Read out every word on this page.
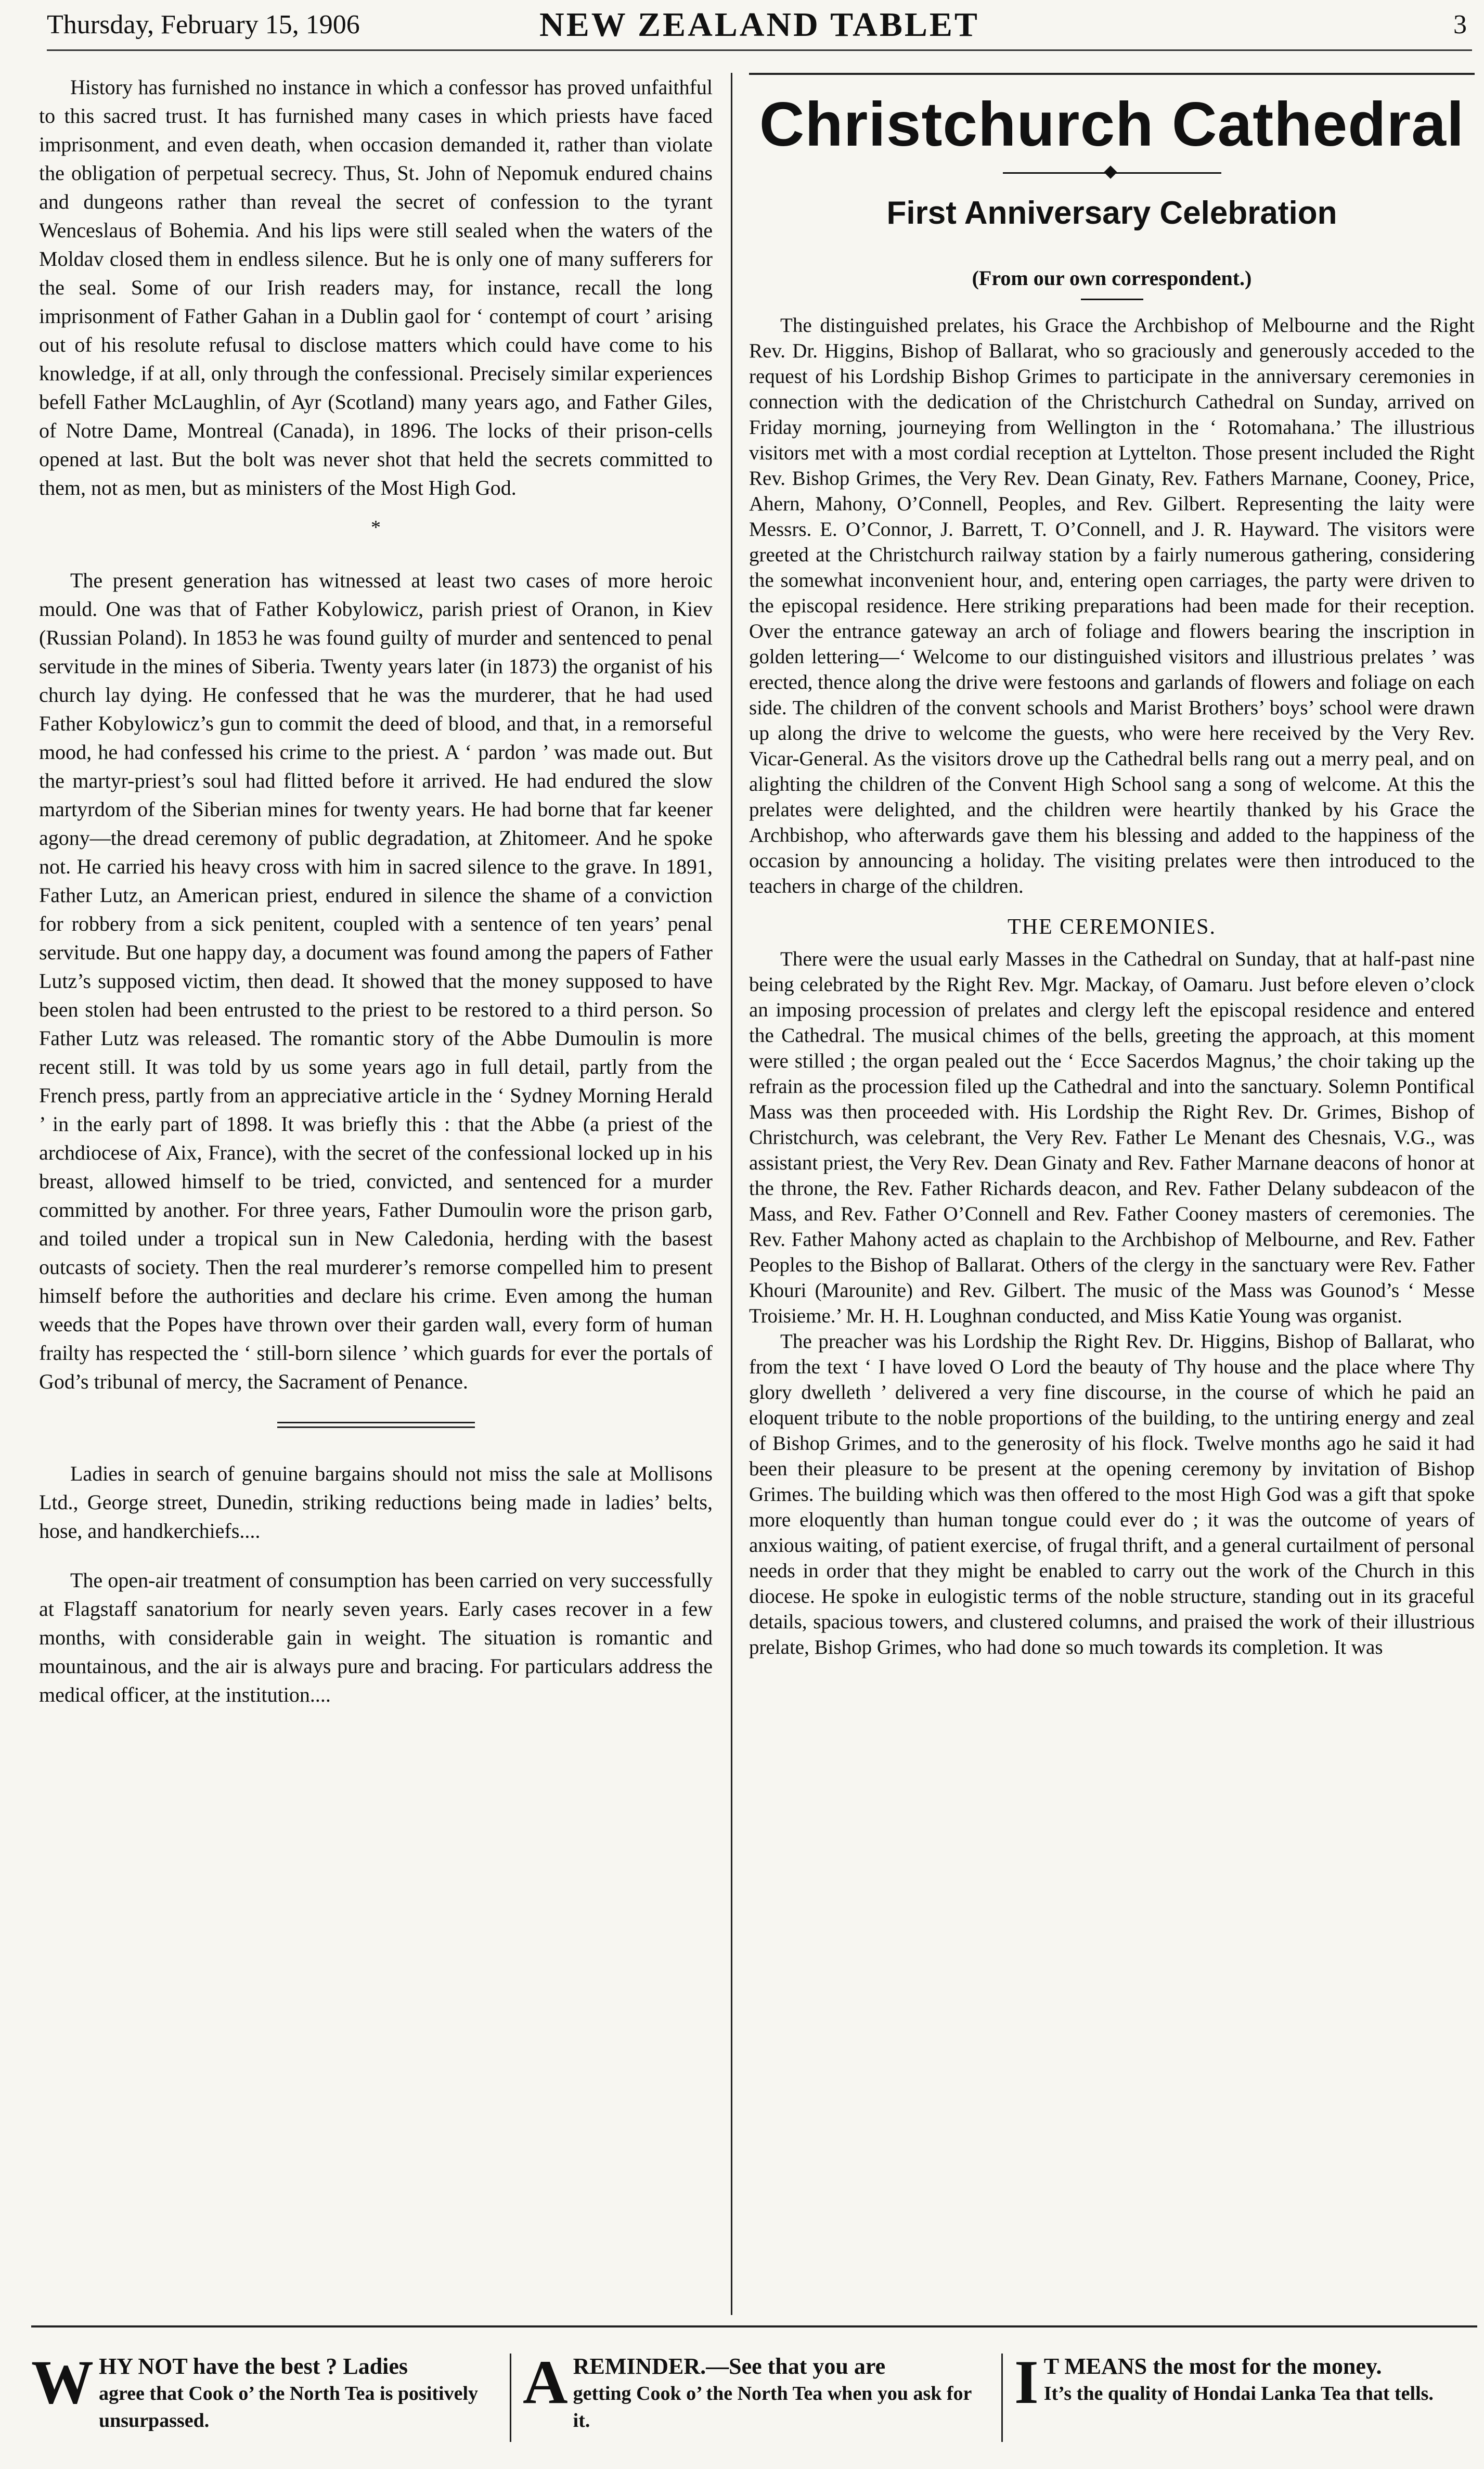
Thursday, February 15, 1906	NEW ZEALAND TABLET	3

History has furnished no instance in which a confessor has proved unfaithful to this sacred trust. It has furnished many cases in which priests have faced imprisonment, and even death, when occasion demanded it, rather than violate the obligation of perpetual secrecy. Thus, St. John of Nepomuk endured chains and dungeons rather than reveal the secret of confession to the tyrant Wenceslaus of Bohemia. And his lips were still sealed when the waters of the Moldav closed them in endless silence. But he is only one of many sufferers for the seal. Some of our Irish readers may, for instance, recall the long imprisonment of Father Gahan in a Dublin gaol for ‘ contempt of court ’ arising out of his resolute refusal to disclose matters which could have come to his knowledge, if at all, only through the confessional. Precisely similar experiences befell Father McLaughlin, of Ayr (Scotland) many years ago, and Father Giles, of Notre Dame, Montreal (Canada), in 1896. The locks of their prison-cells opened at last. But the bolt was never shot that held the secrets committed to them, not as men, but as ministers of the Most High God.

*

The present generation has witnessed at least two cases of more heroic mould. One was that of Father Kobylowicz, parish priest of Oranon, in Kiev (Russian Poland). In 1853 he was found guilty of murder and sentenced to penal servitude in the mines of Siberia. Twenty years later (in 1873) the organist of his church lay dying. He confessed that he was the murderer, that he had used Father Kobylowicz’s gun to commit the deed of blood, and that, in a remorseful mood, he had confessed his crime to the priest. A ‘ pardon ’ was made out. But the martyr-priest’s soul had flitted before it arrived. He had endured the slow martyrdom of the Siberian mines for twenty years. He had borne that far keener agony—the dread ceremony of public degradation, at Zhitomeer. And he spoke not. He carried his heavy cross with him in sacred silence to the grave. In 1891, Father Lutz, an American priest, endured in silence the shame of a conviction for robbery from a sick penitent, coupled with a sentence of ten years’ penal servitude. But one happy day, a document was found among the papers of Father Lutz’s supposed victim, then dead. It showed that the money supposed to have been stolen had been entrusted to the priest to be restored to a third person. So Father Lutz was released. The romantic story of the Abbe Dumoulin is more recent still. It was told by us some years ago in full detail, partly from the French press, partly from an appreciative article in the ‘ Sydney Morning Herald ’ in the early part of 1898. It was briefly this : that the Abbe (a priest of the archdiocese of Aix, France), with the secret of the confessional locked up in his breast, allowed himself to be tried, convicted, and sentenced for a murder committed by another. For three years, Father Dumoulin wore the prison garb, and toiled under a tropical sun in New Caledonia, herding with the basest outcasts of society. Then the real murderer’s remorse compelled him to present himself before the authorities and declare his crime. Even among the human weeds that the Popes have thrown over their garden wall, every form of human frailty has respected the ‘ still-born silence ’ which guards for ever the portals of God’s tribunal of mercy, the Sacrament of Penance.

Ladies in search of genuine bargains should not miss the sale at Mollisons Ltd., George street, Dunedin, striking reductions being made in ladies’ belts, hose, and handkerchiefs....

The open-air treatment of consumption has been carried on very successfully at Flagstaff sanatorium for nearly seven years. Early cases recover in a few months, with considerable gain in weight. The situation is romantic and mountainous, and the air is always pure and bracing. For particulars address the medical officer, at the institution....

Christchurch Cathedral
First Anniversary Celebration
(From our own correspondent.)

The distinguished prelates, his Grace the Archbishop of Melbourne and the Right Rev. Dr. Higgins, Bishop of Ballarat, who so graciously and generously acceded to the request of his Lordship Bishop Grimes to participate in the anniversary ceremonies in connection with the dedication of the Christchurch Cathedral on Sunday, arrived on Friday morning, journeying from Wellington in the ‘ Rotomahana.’ The illustrious visitors met with a most cordial reception at Lyttelton. Those present included the Right Rev. Bishop Grimes, the Very Rev. Dean Ginaty, Rev. Fathers Marnane, Cooney, Price, Ahern, Mahony, O’Connell, Peoples, and Rev. Gilbert. Representing the laity were Messrs. E. O’Connor, J. Barrett, T. O’Connell, and J. R. Hayward. The visitors were greeted at the Christchurch railway station by a fairly numerous gathering, considering the somewhat inconvenient hour, and, entering open carriages, the party were driven to the episcopal residence. Here striking preparations had been made for their reception. Over the entrance gateway an arch of foliage and flowers bearing the inscription in golden lettering—‘ Welcome to our distinguished visitors and illustrious prelates ’ was erected, thence along the drive were festoons and garlands of flowers and foliage on each side. The children of the convent schools and Marist Brothers’ boys’ school were drawn up along the drive to welcome the guests, who were here received by the Very Rev. Vicar-General. As the visitors drove up the Cathedral bells rang out a merry peal, and on alighting the children of the Convent High School sang a song of welcome. At this the prelates were delighted, and the children were heartily thanked by his Grace the Archbishop, who afterwards gave them his blessing and added to the happiness of the occasion by announcing a holiday. The visiting prelates were then introduced to the teachers in charge of the children.

THE CEREMONIES.

There were the usual early Masses in the Cathedral on Sunday, that at half-past nine being celebrated by the Right Rev. Mgr. Mackay, of Oamaru. Just before eleven o’clock an imposing procession of prelates and clergy left the episcopal residence and entered the Cathedral. The musical chimes of the bells, greeting the approach, at this moment were stilled ; the organ pealed out the ‘ Ecce Sacerdos Magnus,’ the choir taking up the refrain as the procession filed up the Cathedral and into the sanctuary. Solemn Pontifical Mass was then proceeded with. His Lordship the Right Rev. Dr. Grimes, Bishop of Christchurch, was celebrant, the Very Rev. Father Le Menant des Chesnais, V.G., was assistant priest, the Very Rev. Dean Ginaty and Rev. Father Marnane deacons of honor at the throne, the Rev. Father Richards deacon, and Rev. Father Delany subdeacon of the Mass, and Rev. Father O’Connell and Rev. Father Cooney masters of ceremonies. The Rev. Father Mahony acted as chaplain to the Archbishop of Melbourne, and Rev. Father Peoples to the Bishop of Ballarat. Others of the clergy in the sanctuary were Rev. Father Khouri (Marounite) and Rev. Gilbert. The music of the Mass was Gounod’s ‘ Messe Troisieme.’ Mr. H. H. Loughnan conducted, and Miss Katie Young was organist.

The preacher was his Lordship the Right Rev. Dr. Higgins, Bishop of Ballarat, who from the text ‘ I have loved O Lord the beauty of Thy house and the place where Thy glory dwelleth ’ delivered a very fine discourse, in the course of which he paid an eloquent tribute to the noble proportions of the building, to the untiring energy and zeal of Bishop Grimes, and to the generosity of his flock. Twelve months ago he said it had been their pleasure to be present at the opening ceremony by invitation of Bishop Grimes. The building which was then offered to the most High God was a gift that spoke more eloquently than human tongue could ever do ; it was the outcome of years of anxious waiting, of patient exercise, of frugal thrift, and a general curtailment of personal needs in order that they might be enabled to carry out the work of the Church in this diocese. He spoke in eulogistic terms of the noble structure, standing out in its graceful details, spacious towers, and clustered columns, and praised the work of their illustrious prelate, Bishop Grimes, who had done so much towards its completion. It was

W HY NOT have the best ? Ladies
agree that Cook o’ the North Tea is positively unsurpassed.
A REMINDER.—See that you are
getting Cook o’ the North Tea when you ask for it.
I T MEANS the most for the money.
It’s the quality of Hondai Lanka Tea that tells.
